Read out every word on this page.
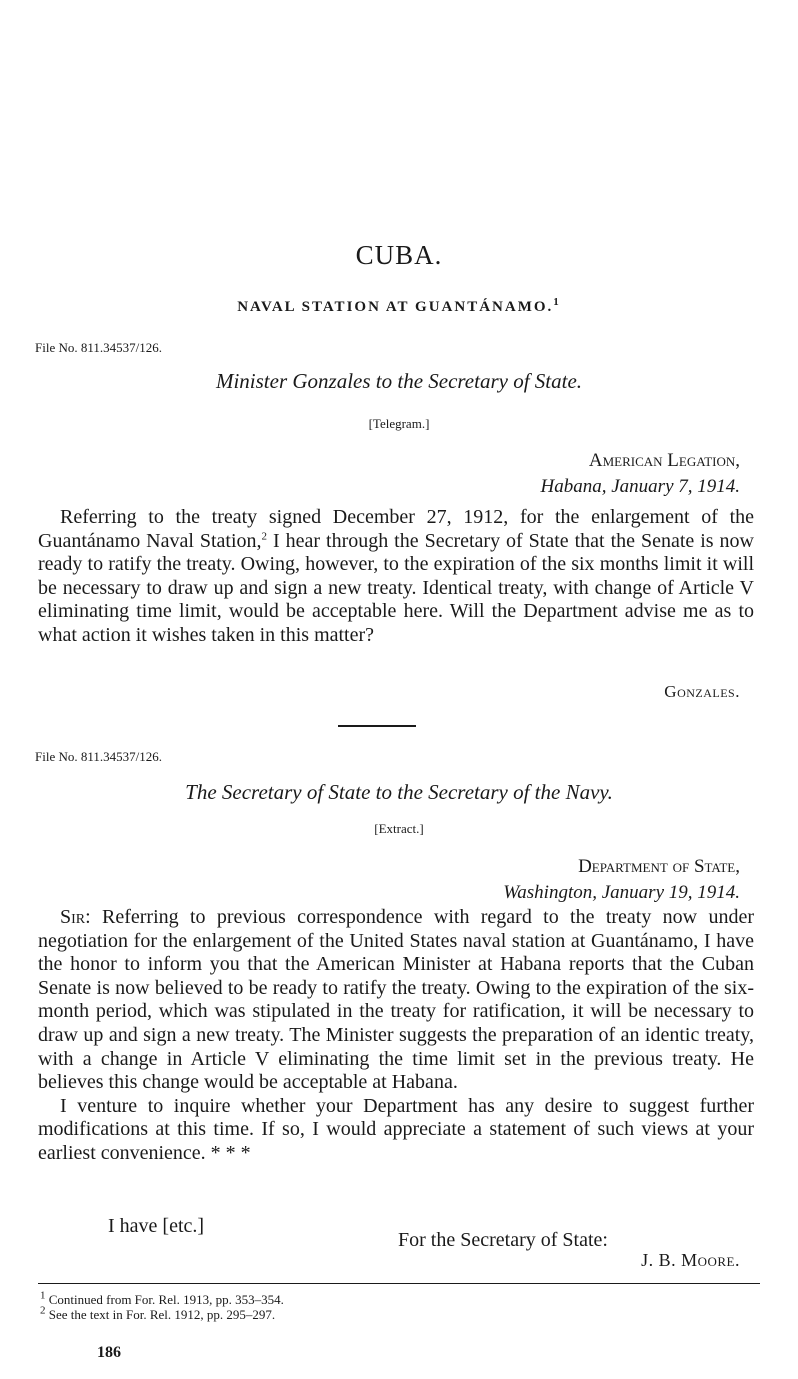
CUBA.
NAVAL STATION AT GUANTÁNAMO.$^1$
File No. 811.34537/126.
Minister Gonzales to the Secretary of State.
[Telegram.]
American Legation,
Habana, January 7, 1914.
Referring to the treaty signed December 27, 1912, for the enlargement of the Guantánamo Naval Station,$^2$ I hear through the Secretary of State that the Senate is now ready to ratify the treaty. Owing, however, to the expiration of the six months limit it will be necessary to draw up and sign a new treaty. Identical treaty, with change of Article V eliminating time limit, would be acceptable here. Will the Department advise me as to what action it wishes taken in this matter?
Gonzales.
File No. 811.34537/126.
The Secretary of State to the Secretary of the Navy.
[Extract.]
Department of State,
Washington, January 19, 1914.
Sir: Referring to previous correspondence with regard to the treaty now under negotiation for the enlargement of the United States naval station at Guantánamo, I have the honor to inform you that the American Minister at Habana reports that the Cuban Senate is now believed to be ready to ratify the treaty. Owing to the expiration of the six-month period, which was stipulated in the treaty for ratification, it will be necessary to draw up and sign a new treaty. The Minister suggests the preparation of an identic treaty, with a change in Article V eliminating the time limit set in the previous treaty. He believes this change would be acceptable at Habana.
I venture to inquire whether your Department has any desire to suggest further modifications at this time. If so, I would appreciate a statement of such views at your earliest convenience. * * *
I have [etc.]
For the Secretary of State:
J. B. Moore.
$^1$ Continued from For. Rel. 1913, pp. 353–354.
$^2$ See the text in For. Rel. 1912, pp. 295–297.
186
